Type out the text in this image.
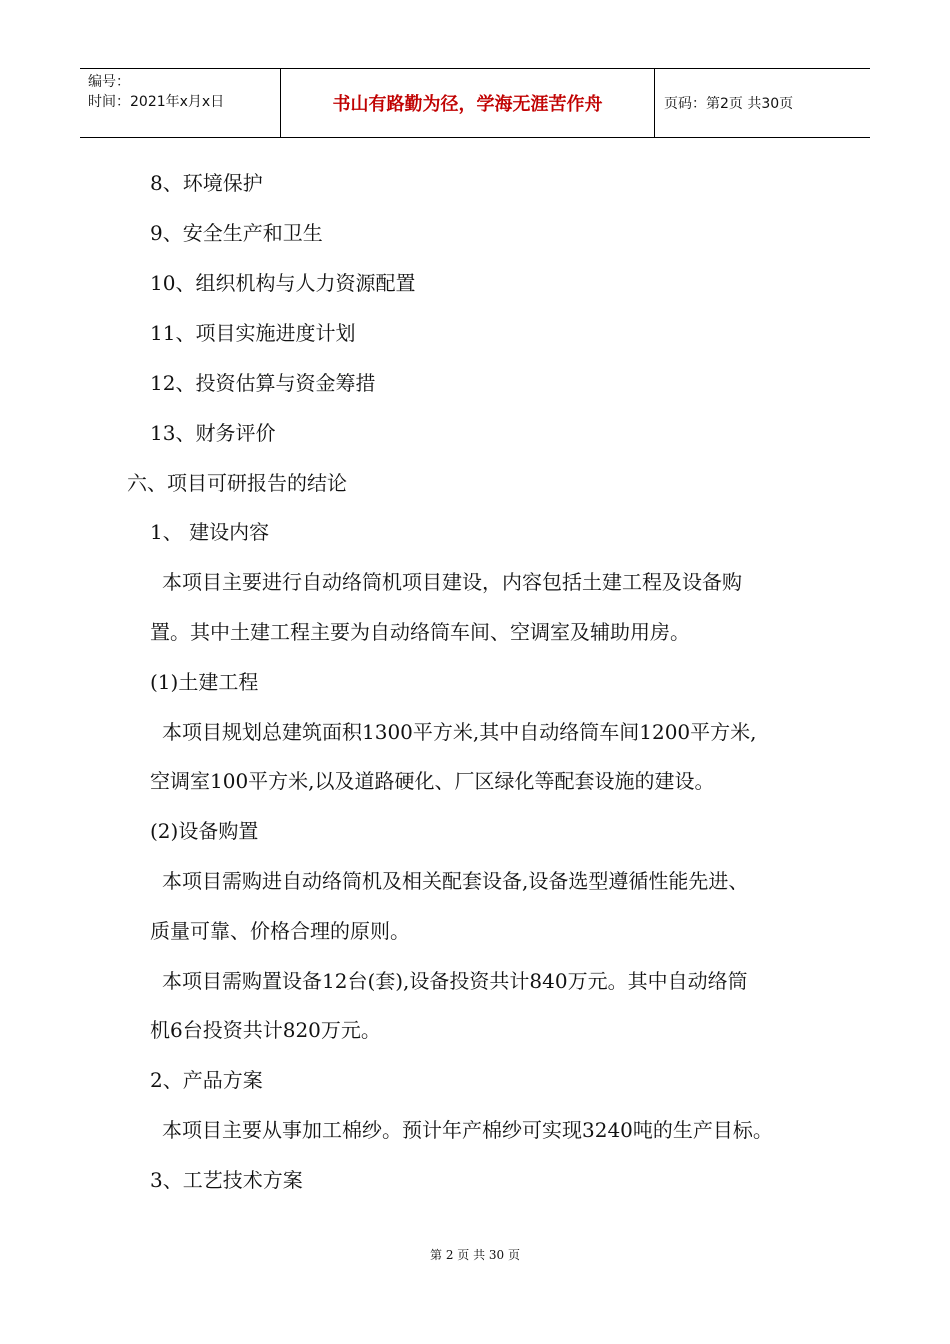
编号：
时间：2021年x月x日	书山有路勤为径，学海无涯苦作舟	页码：第2页 共30页
8、环境保护
9、安全生产和卫生
10、组织机构与人力资源配置
11、项目实施进度计划
12、投资估算与资金筹措
13、财务评价
六、项目可研报告的结论
1、 建设内容
本项目主要进行自动络筒机项目建设，内容包括土建工程及设备购
置。其中土建工程主要为自动络筒车间、空调室及辅助用房。
(1)土建工程
本项目规划总建筑面积1300平方米,其中自动络筒车间1200平方米,
空调室100平方米,以及道路硬化、厂区绿化等配套设施的建设。
(2)设备购置
本项目需购进自动络筒机及相关配套设备,设备选型遵循性能先进、
质量可靠、价格合理的原则。
本项目需购置设备12台(套),设备投资共计840万元。其中自动络筒
机6台投资共计820万元。
2、产品方案
本项目主要从事加工棉纱。预计年产棉纱可实现3240吨的生产目标。
3、工艺技术方案
第 2 页 共 30 页
